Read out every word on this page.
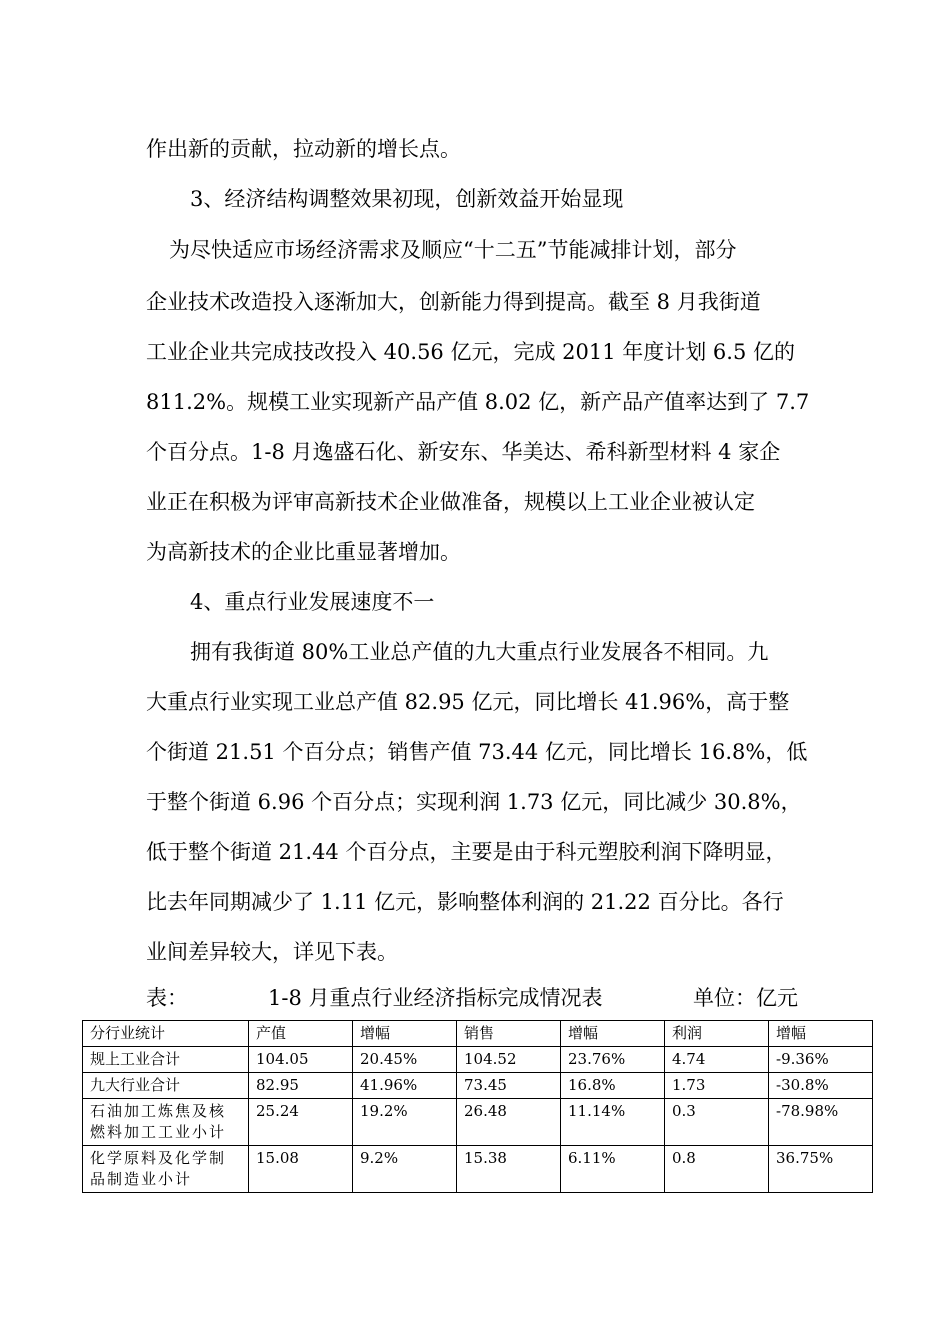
作出新的贡献，拉动新的增长点。
3、经济结构调整效果初现，创新效益开始显现
为尽快适应市场经济需求及顺应“十二五”节能减排计划，部分
企业技术改造投入逐渐加大，创新能力得到提高。截至 8 月我街道
工业企业共完成技改投入 40.56 亿元，完成 2011 年度计划 6.5 亿的
811.2%。规模工业实现新产品产值 8.02 亿，新产品产值率达到了 7.7
个百分点。1-8 月逸盛石化、新安东、华美达、希科新型材料 4 家企
业正在积极为评审高新技术企业做准备，规模以上工业企业被认定
为高新技术的企业比重显著增加。
4、重点行业发展速度不一
拥有我街道 80%工业总产值的九大重点行业发展各不相同。九
大重点行业实现工业总产值 82.95 亿元，同比增长 41.96%，高于整
个街道 21.51 个百分点；销售产值 73.44 亿元，同比增长 16.8%，低
于整个街道 6.96 个百分点；实现利润 1.73 亿元，同比减少 30.8%，
低于整个街道 21.44 个百分点，主要是由于科元塑胶利润下降明显，
比去年同期减少了 1.11 亿元，影响整体利润的 21.22 百分比。各行
业间差异较大，详见下表。
表：	1-8 月重点行业经济指标完成情况表	单位：亿元
分行业统计	产值	增幅	销售	增幅	利润	增幅
规上工业合计	104.05	20.45%	104.52	23.76%	4.74	-9.36%
九大行业合计	82.95	41.96%	73.45	16.8%	1.73	-30.8%
石油加工炼焦及核燃料加工工业小计	25.24	19.2%	26.48	11.14%	0.3	-78.98%
化学原料及化学制品制造业小计	15.08	9.2%	15.38	6.11%	0.8	36.75%
